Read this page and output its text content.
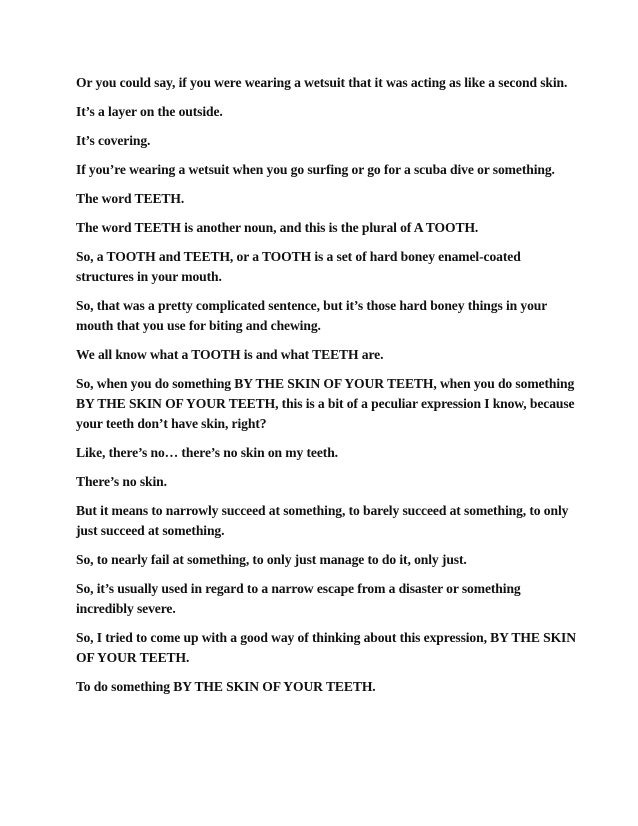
Or you could say, if you were wearing a wetsuit that it was acting as like a second skin.

It’s a layer on the outside.

It’s covering.

If you’re wearing a wetsuit when you go surfing or go for a scuba dive or something.

The word TEETH.

The word TEETH is another noun, and this is the plural of A TOOTH.

So, a TOOTH and TEETH, or a TOOTH is a set of hard boney enamel-coated structures in your mouth.

So, that was a pretty complicated sentence, but it’s those hard boney things in your mouth that you use for biting and chewing.

We all know what a TOOTH is and what TEETH are.

So, when you do something BY THE SKIN OF YOUR TEETH, when you do something BY THE SKIN OF YOUR TEETH, this is a bit of a peculiar expression I know, because your teeth don’t have skin, right?

Like, there’s no… there’s no skin on my teeth.

There’s no skin.

But it means to narrowly succeed at something, to barely succeed at something, to only just succeed at something.

So, to nearly fail at something, to only just manage to do it, only just.

So, it’s usually used in regard to a narrow escape from a disaster or something incredibly severe.

So, I tried to come up with a good way of thinking about this expression, BY THE SKIN OF YOUR TEETH.

To do something BY THE SKIN OF YOUR TEETH.
